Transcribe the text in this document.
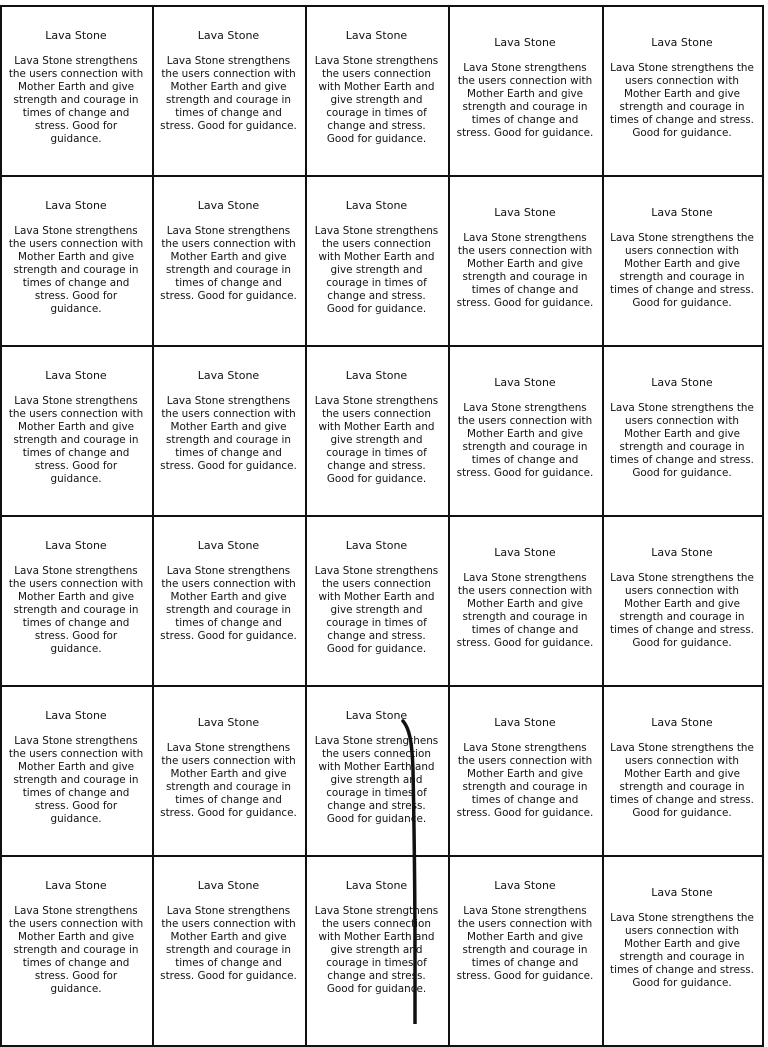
Lava Stone

Lava Stone strengthens the users connection with Mother Earth and give strength and courage in times of change and stress. Good for guidance.

Lava Stone

Lava Stone strengthens the users connection with Mother Earth and give strength and courage in times of change and stress. Good for guidance.

Lava Stone

Lava Stone strengthens the users connection with Mother Earth and give strength and courage in times of change and stress. Good for guidance.

Lava Stone

Lava Stone strengthens the users connection with Mother Earth and give strength and courage in times of change and stress. Good for guidance.

Lava Stone

Lava Stone strengthens the users connection with Mother Earth and give strength and courage in times of change and stress. Good for guidance.

Lava Stone

Lava Stone strengthens the users connection with Mother Earth and give strength and courage in times of change and stress. Good for guidance.

Lava Stone

Lava Stone strengthens the users connection with Mother Earth and give strength and courage in times of change and stress. Good for guidance.

Lava Stone

Lava Stone strengthens the users connection with Mother Earth and give strength and courage in times of change and stress. Good for guidance.

Lava Stone

Lava Stone strengthens the users connection with Mother Earth and give strength and courage in times of change and stress. Good for guidance.

Lava Stone

Lava Stone strengthens the users connection with Mother Earth and give strength and courage in times of change and stress. Good for guidance.

Lava Stone

Lava Stone strengthens the users connection with Mother Earth and give strength and courage in times of change and stress. Good for guidance.

Lava Stone

Lava Stone strengthens the users connection with Mother Earth and give strength and courage in times of change and stress. Good for guidance.

Lava Stone

Lava Stone strengthens the users connection with Mother Earth and give strength and courage in times of change and stress. Good for guidance.

Lava Stone

Lava Stone strengthens the users connection with Mother Earth and give strength and courage in times of change and stress. Good for guidance.

Lava Stone

Lava Stone strengthens the users connection with Mother Earth and give strength and courage in times of change and stress. Good for guidance.

Lava Stone

Lava Stone strengthens the users connection with Mother Earth and give strength and courage in times of change and stress. Good for guidance.

Lava Stone

Lava Stone strengthens the users connection with Mother Earth and give strength and courage in times of change and stress. Good for guidance.

Lava Stone

Lava Stone strengthens the users connection with Mother Earth and give strength and courage in times of change and stress. Good for guidance.

Lava Stone

Lava Stone strengthens the users connection with Mother Earth and give strength and courage in times of change and stress. Good for guidance.

Lava Stone

Lava Stone strengthens the users connection with Mother Earth and give strength and courage in times of change and stress. Good for guidance.

Lava Stone

Lava Stone strengthens the users connection with Mother Earth and give strength and courage in times of change and stress. Good for guidance.

Lava Stone

Lava Stone strengthens the users connection with Mother Earth and give strength and courage in times of change and stress. Good for guidance.

Lava Stone

Lava Stone strengthens the users connection with Mother Earth and give strength and courage in times of change and stress. Good for guidance.

Lava Stone

Lava Stone strengthens the users connection with Mother Earth and give strength and courage in times of change and stress. Good for guidance.

Lava Stone

Lava Stone strengthens the users connection with Mother Earth and give strength and courage in times of change and stress. Good for guidance.

Lava Stone

Lava Stone strengthens the users connection with Mother Earth and give strength and courage in times of change and stress. Good for guidance.

Lava Stone

Lava Stone strengthens the users connection with Mother Earth and give strength and courage in times of change and stress. Good for guidance.

Lava Stone

Lava Stone strengthens the users connection with Mother Earth and give strength and courage in times of change and stress. Good for guidance.

Lava Stone

Lava Stone strengthens the users connection with Mother Earth and give strength and courage in times of change and stress. Good for guidance.

Lava Stone

Lava Stone strengthens the users connection with Mother Earth and give strength and courage in times of change and stress. Good for guidance.
